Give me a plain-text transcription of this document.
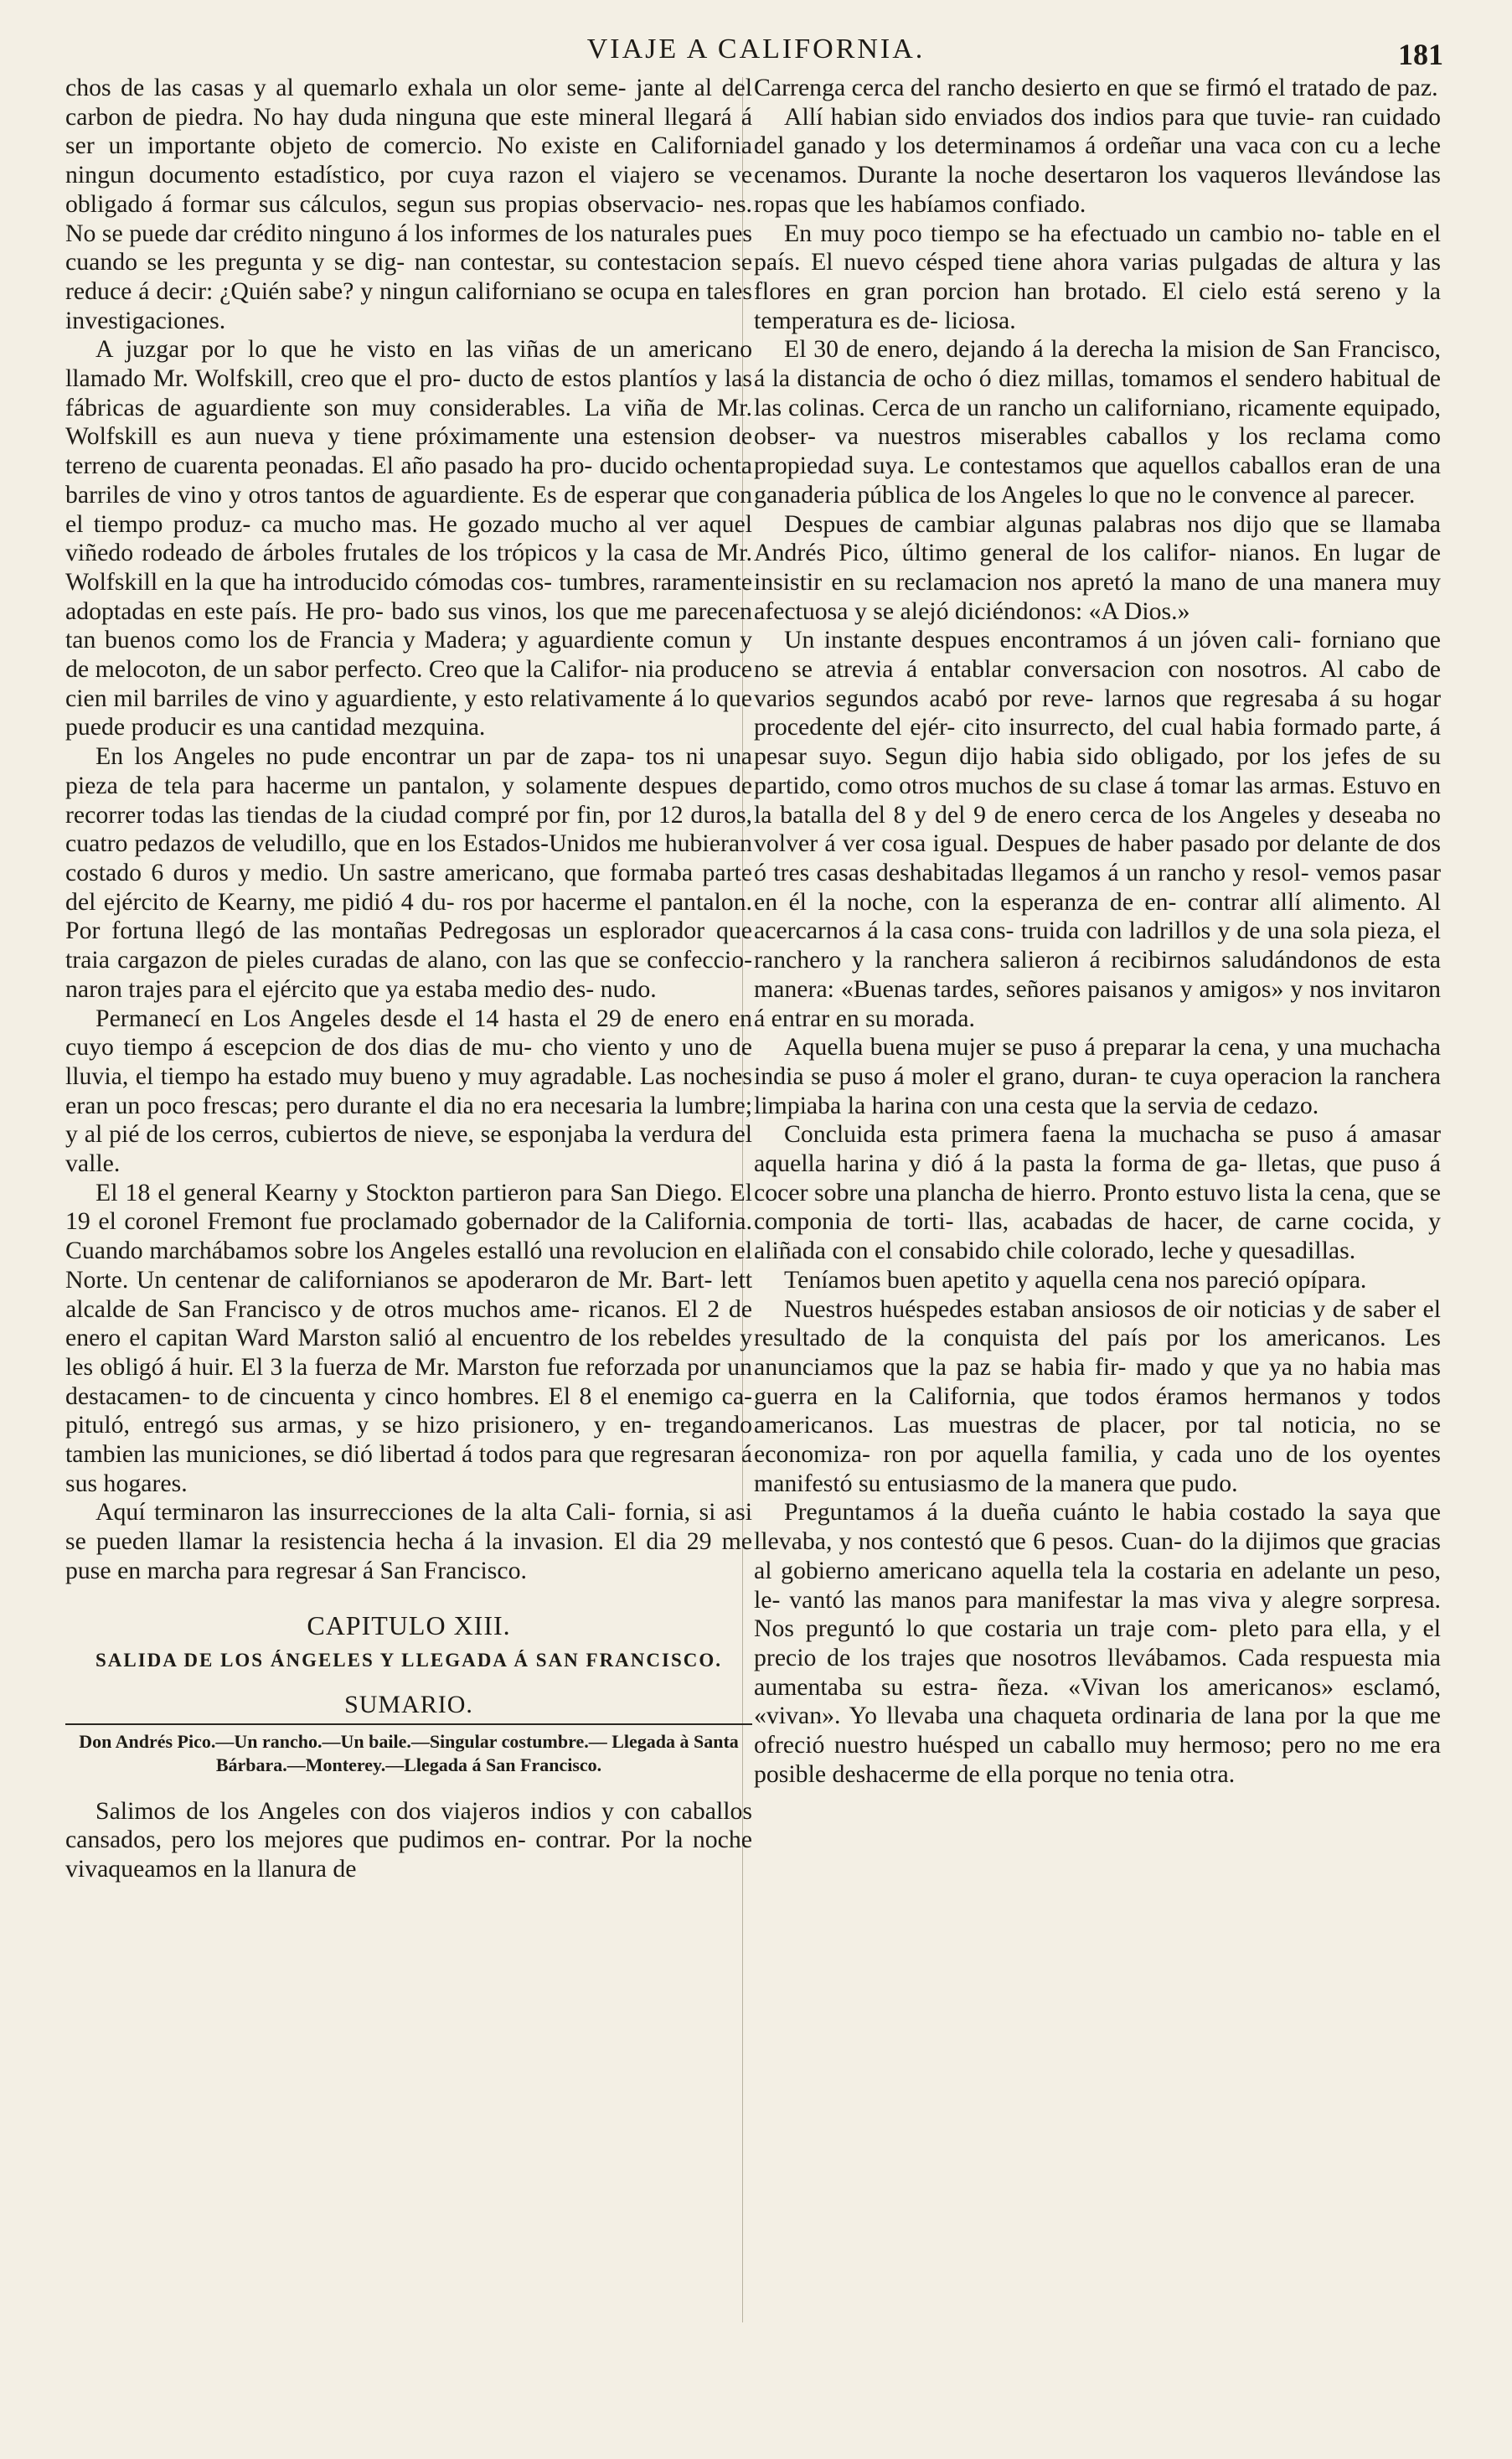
VIAJE A CALIFORNIA.	181

chos de las casas y al quemarlo exhala un olor seme- jante al del carbon de piedra. No hay duda ninguna que este mineral llegará á ser un importante objeto de comercio. No existe en California ningun documento estadístico, por cuya razon el viajero se ve obligado á formar sus cálculos, segun sus propias observacio- nes. No se puede dar crédito ninguno á los informes de los naturales pues cuando se les pregunta y se dig- nan contestar, su contestacion se reduce á decir: ¿Quién sabe? y ningun californiano se ocupa en tales investigaciones.

A juzgar por lo que he visto en las viñas de un americano llamado Mr. Wolfskill, creo que el pro- ducto de estos plantíos y las fábricas de aguardiente son muy considerables. La viña de Mr. Wolfskill es aun nueva y tiene próximamente una estension de terreno de cuarenta peonadas. El año pasado ha pro- ducido ochenta barriles de vino y otros tantos de aguardiente. Es de esperar que con el tiempo produz- ca mucho mas. He gozado mucho al ver aquel viñedo rodeado de árboles frutales de los trópicos y la casa de Mr. Wolfskill en la que ha introducido cómodas cos- tumbres, raramente adoptadas en este país. He pro- bado sus vinos, los que me parecen tan buenos como los de Francia y Madera; y aguardiente comun y de melocoton, de un sabor perfecto. Creo que la Califor- nia produce cien mil barriles de vino y aguardiente, y esto relativamente á lo que puede producir es una cantidad mezquina.

En los Angeles no pude encontrar un par de zapa- tos ni una pieza de tela para hacerme un pantalon, y solamente despues de recorrer todas las tiendas de la ciudad compré por fin, por 12 duros, cuatro pedazos de veludillo, que en los Estados-Unidos me hubieran costado 6 duros y medio. Un sastre americano, que formaba parte del ejército de Kearny, me pidió 4 du- ros por hacerme el pantalon. Por fortuna llegó de las montañas Pedregosas un esplorador que traia cargazon de pieles curadas de alano, con las que se confeccio- naron trajes para el ejército que ya estaba medio des- nudo.

Permanecí en Los Angeles desde el 14 hasta el 29 de enero en cuyo tiempo á escepcion de dos dias de mu- cho viento y uno de lluvia, el tiempo ha estado muy bueno y muy agradable. Las noches eran un poco frescas; pero durante el dia no era necesaria la lumbre; y al pié de los cerros, cubiertos de nieve, se esponjaba la verdura del valle.

El 18 el general Kearny y Stockton partieron para San Diego. El 19 el coronel Fremont fue proclamado gobernador de la California. Cuando marchábamos sobre los Angeles estalló una revolucion en el Norte. Un centenar de californianos se apoderaron de Mr. Bart- lett alcalde de San Francisco y de otros muchos ame- ricanos. El 2 de enero el capitan Ward Marston salió al encuentro de los rebeldes y les obligó á huir. El 3 la fuerza de Mr. Marston fue reforzada por un destacamen- to de cincuenta y cinco hombres. El 8 el enemigo ca- pituló, entregó sus armas, y se hizo prisionero, y en- tregando tambien las municiones, se dió libertad á todos para que regresaran á sus hogares.

Aquí terminaron las insurrecciones de la alta Cali- fornia, si asi se pueden llamar la resistencia hecha á la invasion. El dia 29 me puse en marcha para regresar á San Francisco.

CAPITULO XIII.
SALIDA DE LOS ÁNGELES Y LLEGADA Á SAN FRANCISCO.
SUMARIO.
Don Andrés Pico.—Un rancho.—Un baile.—Singular costumbre.— Llegada à Santa Bárbara.—Monterey.—Llegada á San Francisco.

Salimos de los Angeles con dos viajeros indios y con caballos cansados, pero los mejores que pudimos en- contrar. Por la noche vivaqueamos en la llanura de

Carrenga cerca del rancho desierto en que se firmó el tratado de paz.

Allí habian sido enviados dos indios para que tuvie- ran cuidado del ganado y los determinamos á ordeñar una vaca con cu a leche cenamos. Durante la noche desertaron los vaqueros llevándose las ropas que les habíamos confiado.

En muy poco tiempo se ha efectuado un cambio no- table en el país. El nuevo césped tiene ahora varias pulgadas de altura y las flores en gran porcion han brotado. El cielo está sereno y la temperatura es de- liciosa.

El 30 de enero, dejando á la derecha la mision de San Francisco, á la distancia de ocho ó diez millas, tomamos el sendero habitual de las colinas. Cerca de un rancho un californiano, ricamente equipado, obser- va nuestros miserables caballos y los reclama como propiedad suya. Le contestamos que aquellos caballos eran de una ganaderia pública de los Angeles lo que no le convence al parecer.

Despues de cambiar algunas palabras nos dijo que se llamaba Andrés Pico, último general de los califor- nianos. En lugar de insistir en su reclamacion nos apretó la mano de una manera muy afectuosa y se alejó diciéndonos: «A Dios.»

Un instante despues encontramos á un jóven cali- forniano que no se atrevia á entablar conversacion con nosotros. Al cabo de varios segundos acabó por reve- larnos que regresaba á su hogar procedente del ejér- cito insurrecto, del cual habia formado parte, á pesar suyo. Segun dijo habia sido obligado, por los jefes de su partido, como otros muchos de su clase á tomar las armas. Estuvo en la batalla del 8 y del 9 de enero cerca de los Angeles y deseaba no volver á ver cosa igual. Despues de haber pasado por delante de dos ó tres casas deshabitadas llegamos á un rancho y resol- vemos pasar en él la noche, con la esperanza de en- contrar allí alimento. Al acercarnos á la casa cons- truida con ladrillos y de una sola pieza, el ranchero y la ranchera salieron á recibirnos saludándonos de esta manera: «Buenas tardes, señores paisanos y amigos» y nos invitaron á entrar en su morada.

Aquella buena mujer se puso á preparar la cena, y una muchacha india se puso á moler el grano, duran- te cuya operacion la ranchera limpiaba la harina con una cesta que la servia de cedazo.

Concluida esta primera faena la muchacha se puso á amasar aquella harina y dió á la pasta la forma de ga- lletas, que puso á cocer sobre una plancha de hierro. Pronto estuvo lista la cena, que se componia de torti- llas, acabadas de hacer, de carne cocida, y aliñada con el consabido chile colorado, leche y quesadillas.

Teníamos buen apetito y aquella cena nos pareció opípara.

Nuestros huéspedes estaban ansiosos de oir noticias y de saber el resultado de la conquista del país por los americanos. Les anunciamos que la paz se habia fir- mado y que ya no habia mas guerra en la California, que todos éramos hermanos y todos americanos. Las muestras de placer, por tal noticia, no se economiza- ron por aquella familia, y cada uno de los oyentes manifestó su entusiasmo de la manera que pudo.

Preguntamos á la dueña cuánto le habia costado la saya que llevaba, y nos contestó que 6 pesos. Cuan- do la dijimos que gracias al gobierno americano aquella tela la costaria en adelante un peso, le- vantó las manos para manifestar la mas viva y alegre sorpresa. Nos preguntó lo que costaria un traje com- pleto para ella, y el precio de los trajes que nosotros llevábamos. Cada respuesta mia aumentaba su estra- ñeza. «Vivan los americanos» esclamó, «vivan». Yo llevaba una chaqueta ordinaria de lana por la que me ofreció nuestro huésped un caballo muy hermoso; pero no me era posible deshacerme de ella porque no tenia otra.
